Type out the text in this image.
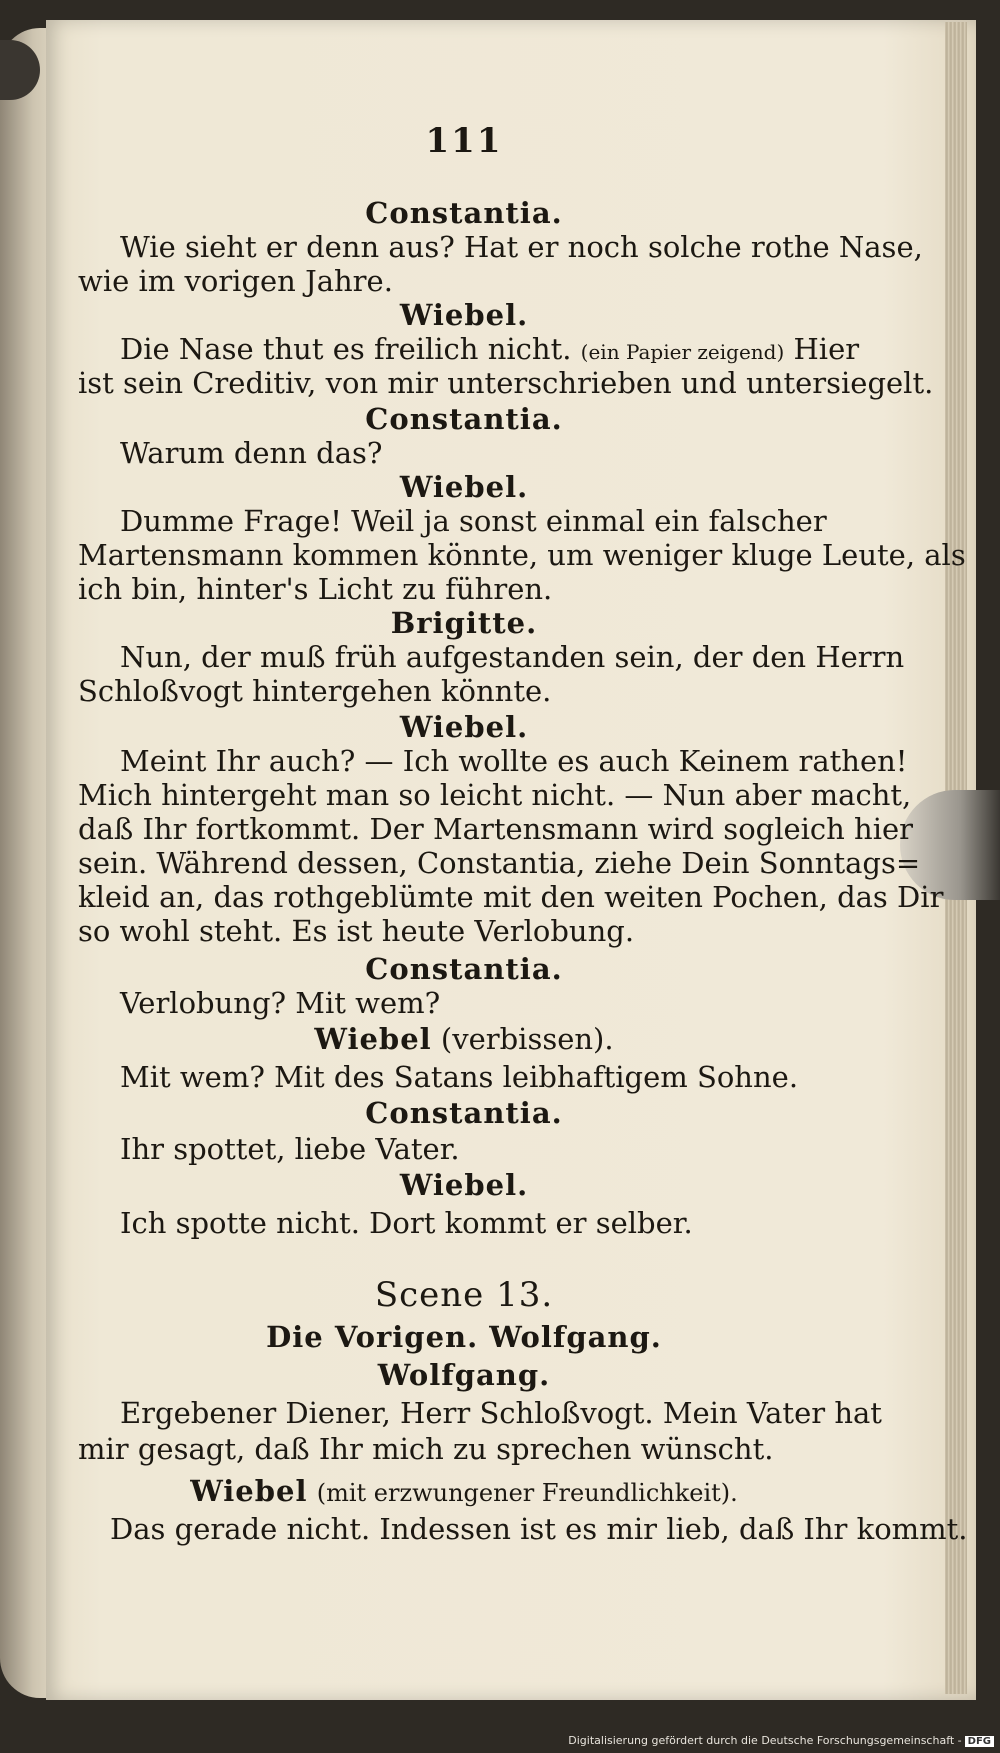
111
Constantia.
Wie sieht er denn aus? Hat er noch solche rothe Nase,
wie im vorigen Jahre.
Wiebel.
Die Nase thut es freilich nicht. (ein Papier zeigend) Hier
ist sein Creditiv, von mir unterschrieben und untersiegelt.
Constantia.
Warum denn das?
Wiebel.
Dumme Frage! Weil ja sonst einmal ein falscher
Martensmann kommen könnte, um weniger kluge Leute, als
ich bin, hinter's Licht zu führen.
Brigitte.
Nun, der muß früh aufgestanden sein, der den Herrn
Schloßvogt hintergehen könnte.
Wiebel.
Meint Ihr auch? — Ich wollte es auch Keinem rathen!
Mich hintergeht man so leicht nicht. — Nun aber macht,
daß Ihr fortkommt. Der Martensmann wird sogleich hier
sein. Während dessen, Constantia, ziehe Dein Sonntags=
kleid an, das rothgeblümte mit den weiten Pochen, das Dir
so wohl steht. Es ist heute Verlobung.
Constantia.
Verlobung? Mit wem?
Wiebel (verbissen).
Mit wem? Mit des Satans leibhaftigem Sohne.
Constantia.
Ihr spottet, liebe Vater.
Wiebel.
Ich spotte nicht. Dort kommt er selber.
Scene 13.
Die Vorigen. Wolfgang.
Wolfgang.
Ergebener Diener, Herr Schloßvogt. Mein Vater hat
mir gesagt, daß Ihr mich zu sprechen wünscht.
Wiebel (mit erzwungener Freundlichkeit).
Das gerade nicht. Indessen ist es mir lieb, daß Ihr kommt.
Digitalisierung gefördert durch die Deutsche Forschungsgemeinschaft - DFG
